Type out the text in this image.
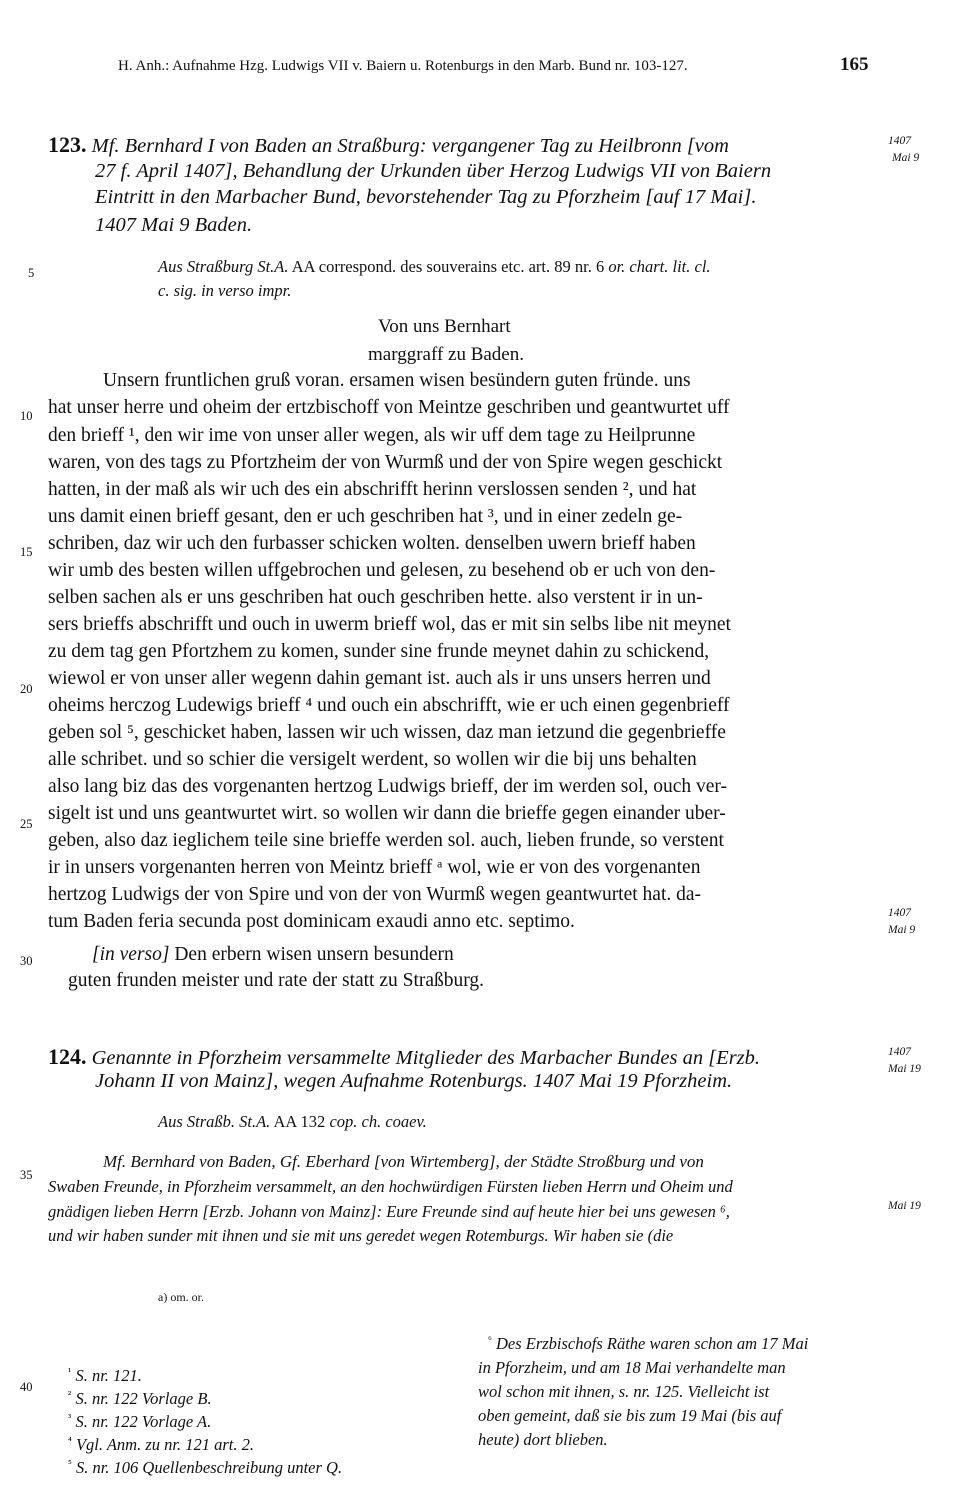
H. Anh.: Aufnahme Hzg. Ludwigs VII v. Baiern u. Rotenburgs in den Marb. Bund nr. 103-127.	165
123. Mf. Bernhard I von Baden an Straßburg: vergangener Tag zu Heilbronn [vom
27 f. April 1407], Behandlung der Urkunden über Herzog Ludwigs VII von Baiern
Eintritt in den Marbacher Bund, bevorstehender Tag zu Pforzheim [auf 17 Mai].
1407 Mai 9 Baden.
1407
Mai 9
Aus Straßburg St.A. AA correspond. des souverains etc. art. 89 nr. 6 or. chart. lit. cl.
c. sig. in verso impr.
Von uns Bernhart
marggraff zu Baden.
Unsern fruntlichen gruß voran. ersamen wisen besündern guten fründe. uns
hat unser herre und oheim der ertzbischoff von Meintze geschriben und geantwurtet uff
den brieff ¹, den wir ime von unser aller wegen, als wir uff dem tage zu Heilprunne
waren, von des tags zu Pfortzheim der von Wurmß und der von Spire wegen geschickt
hatten, in der maß als wir uch des ein abschrifft herinn verslossen senden ², und hat
uns damit einen brieff gesant, den er uch geschriben hat ³, und in einer zedeln ge-
schriben, daz wir uch den furbasser schicken wolten. denselben uwern brieff haben
wir umb des besten willen uffgebrochen und gelesen, zu besehend ob er uch von den-
selben sachen als er uns geschriben hat ouch geschriben hette. also verstent ir in un-
sers brieffs abschrifft und ouch in uwerm brieff wol, das er mit sin selbs libe nit meynet
zu dem tag gen Pfortzhem zu komen, sunder sine frunde meynet dahin zu schickend,
wiewol er von unser aller wegenn dahin gemant ist. auch als ir uns unsers herren und
oheims herczog Ludewigs brieff ⁴ und ouch ein abschrifft, wie er uch einen gegenbrieff
geben sol ⁵, geschicket haben, lassen wir uch wissen, daz man ietzund die gegenbrieffe
alle schribet. und so schier die versigelt werdent, so wollen wir die bij uns behalten
also lang biz das des vorgenanten hertzog Ludwigs brieff, der im werden sol, ouch ver-
sigelt ist und uns geantwurtet wirt. so wollen wir dann die brieffe gegen einander uber-
geben, also daz ieglichem teile sine brieffe werden sol. auch, lieben frunde, so verstent
ir in unsers vorgenanten herren von Meintz brieff ᵃ wol, wie er von des vorgenanten
hertzog Ludwigs der von Spire und von der von Wurmß wegen geantwurtet hat. da-
tum Baden feria secunda post dominicam exaudi anno etc. septimo.	1407
Mai 9
[in verso] Den erbern wisen unsern besundern
guten frunden meister und rate der statt zu Straßburg.
124. Genannte in Pforzheim versammelte Mitglieder des Marbacher Bundes an [Erzb.
Johann II von Mainz], wegen Aufnahme Rotenburgs. 1407 Mai 19 Pforzheim.
1407
Mai 19
Aus Straßb. St.A. AA 132 cop. ch. coaev.
Mf. Bernhard von Baden, Gf. Eberhard [von Wirtemberg], der Städte Stroßburg und von
Swaben Freunde, in Pforzheim versammelt, an den hochwürdigen Fürsten lieben Herrn und Oheim und
gnädigen lieben Herrn [Erzb. Johann von Mainz]: Eure Freunde sind auf heute hier bei uns gewesen ⁶,
und wir haben sunder mit ihnen und sie mit uns geredet wegen Rotemburgs. Wir haben sie (die
Mai 19
a) om. or.
$^{^1}$ S. nr. 121.
$^{^2}$ S. nr. 122 Vorlage B.
$^{^3}$ S. nr. 122 Vorlage A.
$^{^4}$ Vgl. Anm. zu nr. 121 art. 2.
$^{^5}$ S. nr. 106 Quellenbeschreibung unter Q.
$^{^6}$ Des Erzbischofs Räthe waren schon am 17 Mai
in Pforzheim, und am 18 Mai verhandelte man
wol schon mit ihnen, s. nr. 125. Vielleicht ist
oben gemeint, daß sie bis zum 19 Mai (bis auf
heute) dort blieben.
5
10
15
20
25
30
35
40
